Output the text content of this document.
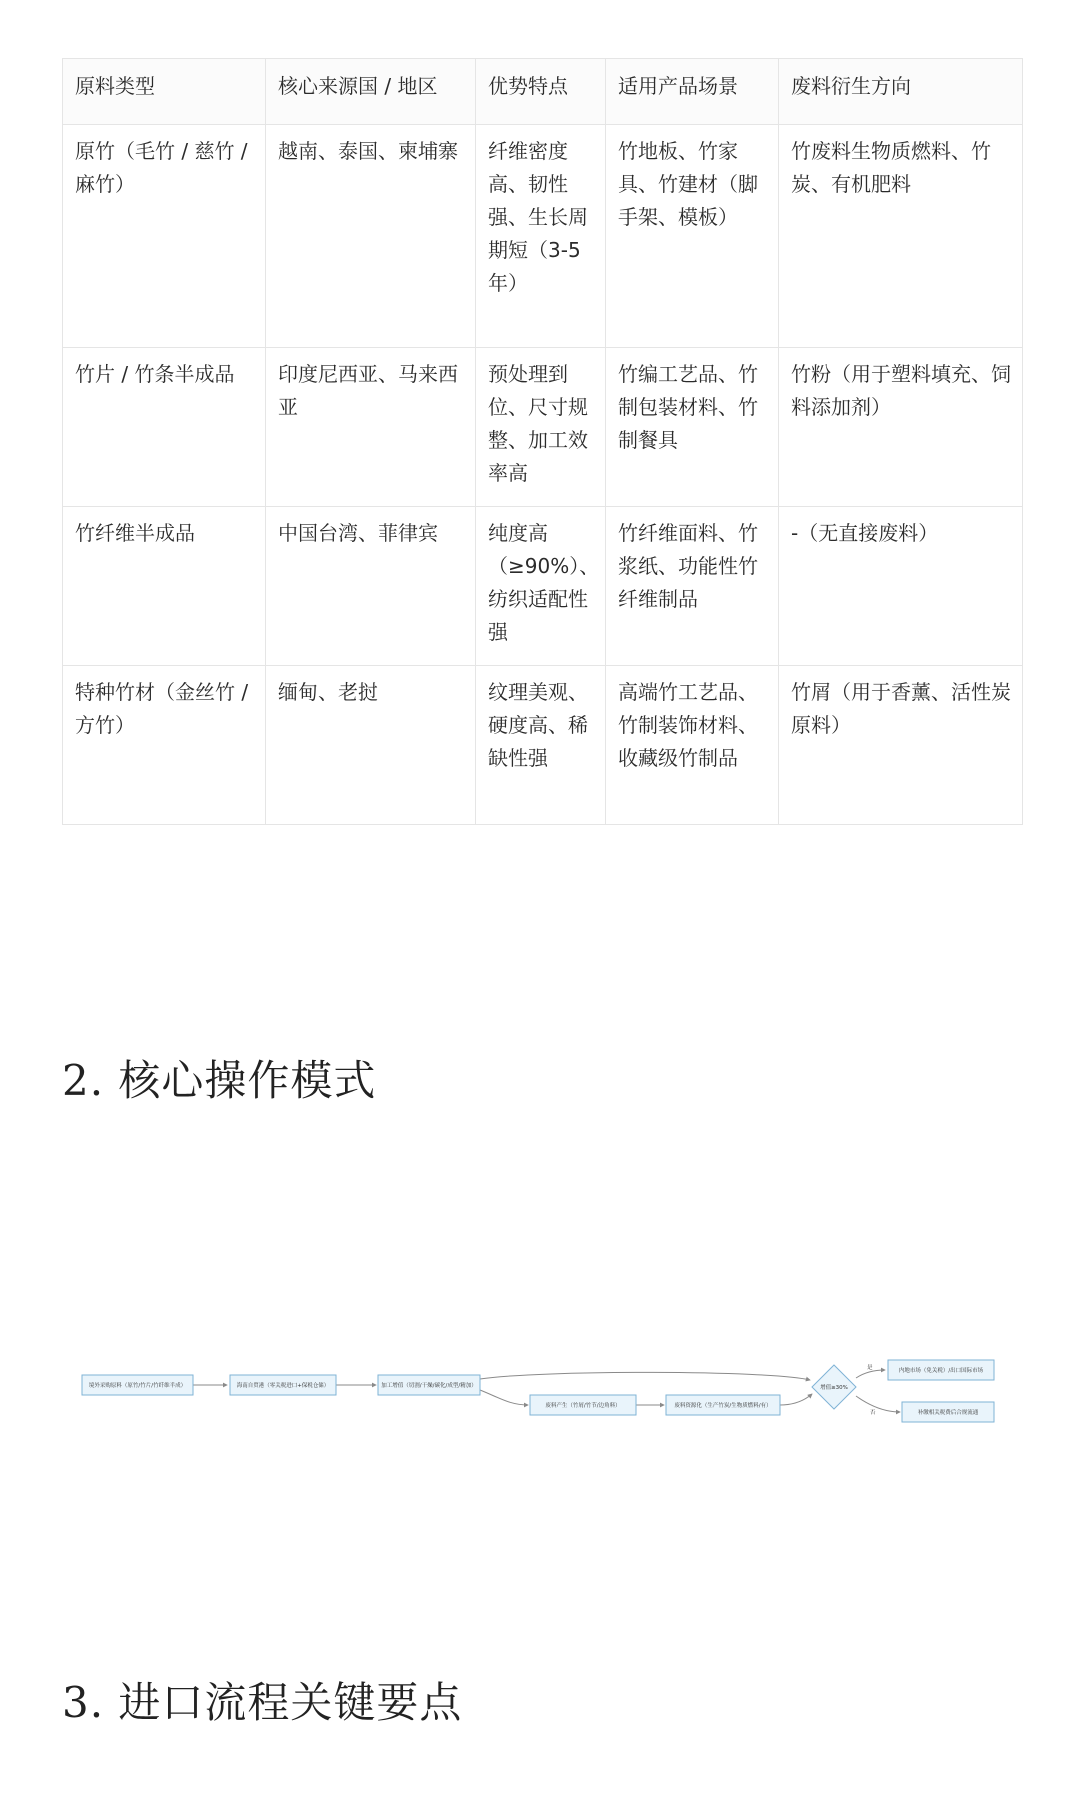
原料类型	核心来源国 / 地区	优势特点	适用产品场景	废料衍生方向
原竹（毛竹 / 慈竹 / 麻竹）	越南、泰国、柬埔寨	纤维密度高、韧性强、生长周期短（3-5年）	竹地板、竹家具、竹建材（脚手架、模板）	竹废料生物质燃料、竹炭、有机肥料
竹片 / 竹条半成品	印度尼西亚、马来西亚	预处理到位、尺寸规整、加工效率高	竹编工艺品、竹制包装材料、竹制餐具	竹粉（用于塑料填充、饲料添加剂）
竹纤维半成品	中国台湾、菲律宾	纯度高（≥90%）、纺织适配性强	竹纤维面料、竹浆纸、功能性竹纤维制品	-（无直接废料）
特种竹材（金丝竹 / 方竹）	缅甸、老挝	纹理美观、硬度高、稀缺性强	高端竹工艺品、竹制装饰材料、收藏级竹制品	竹屑（用于香薰、活性炭原料）
2. 核心操作模式
是
否
境外采购原料（原竹/竹片/竹纤维半成）	海南自贸港（零关税进口+保税仓储）	加工增值（切割/干燥/碳化/成型/精加）
废料产生（竹屑/竹节/边角料）	废料资源化（生产竹炭/生物质燃料/有）
增值≥30%
内地市场（免关税）/出口国际市场
补缴相关税费后合规流通
3. 进口流程关键要点
